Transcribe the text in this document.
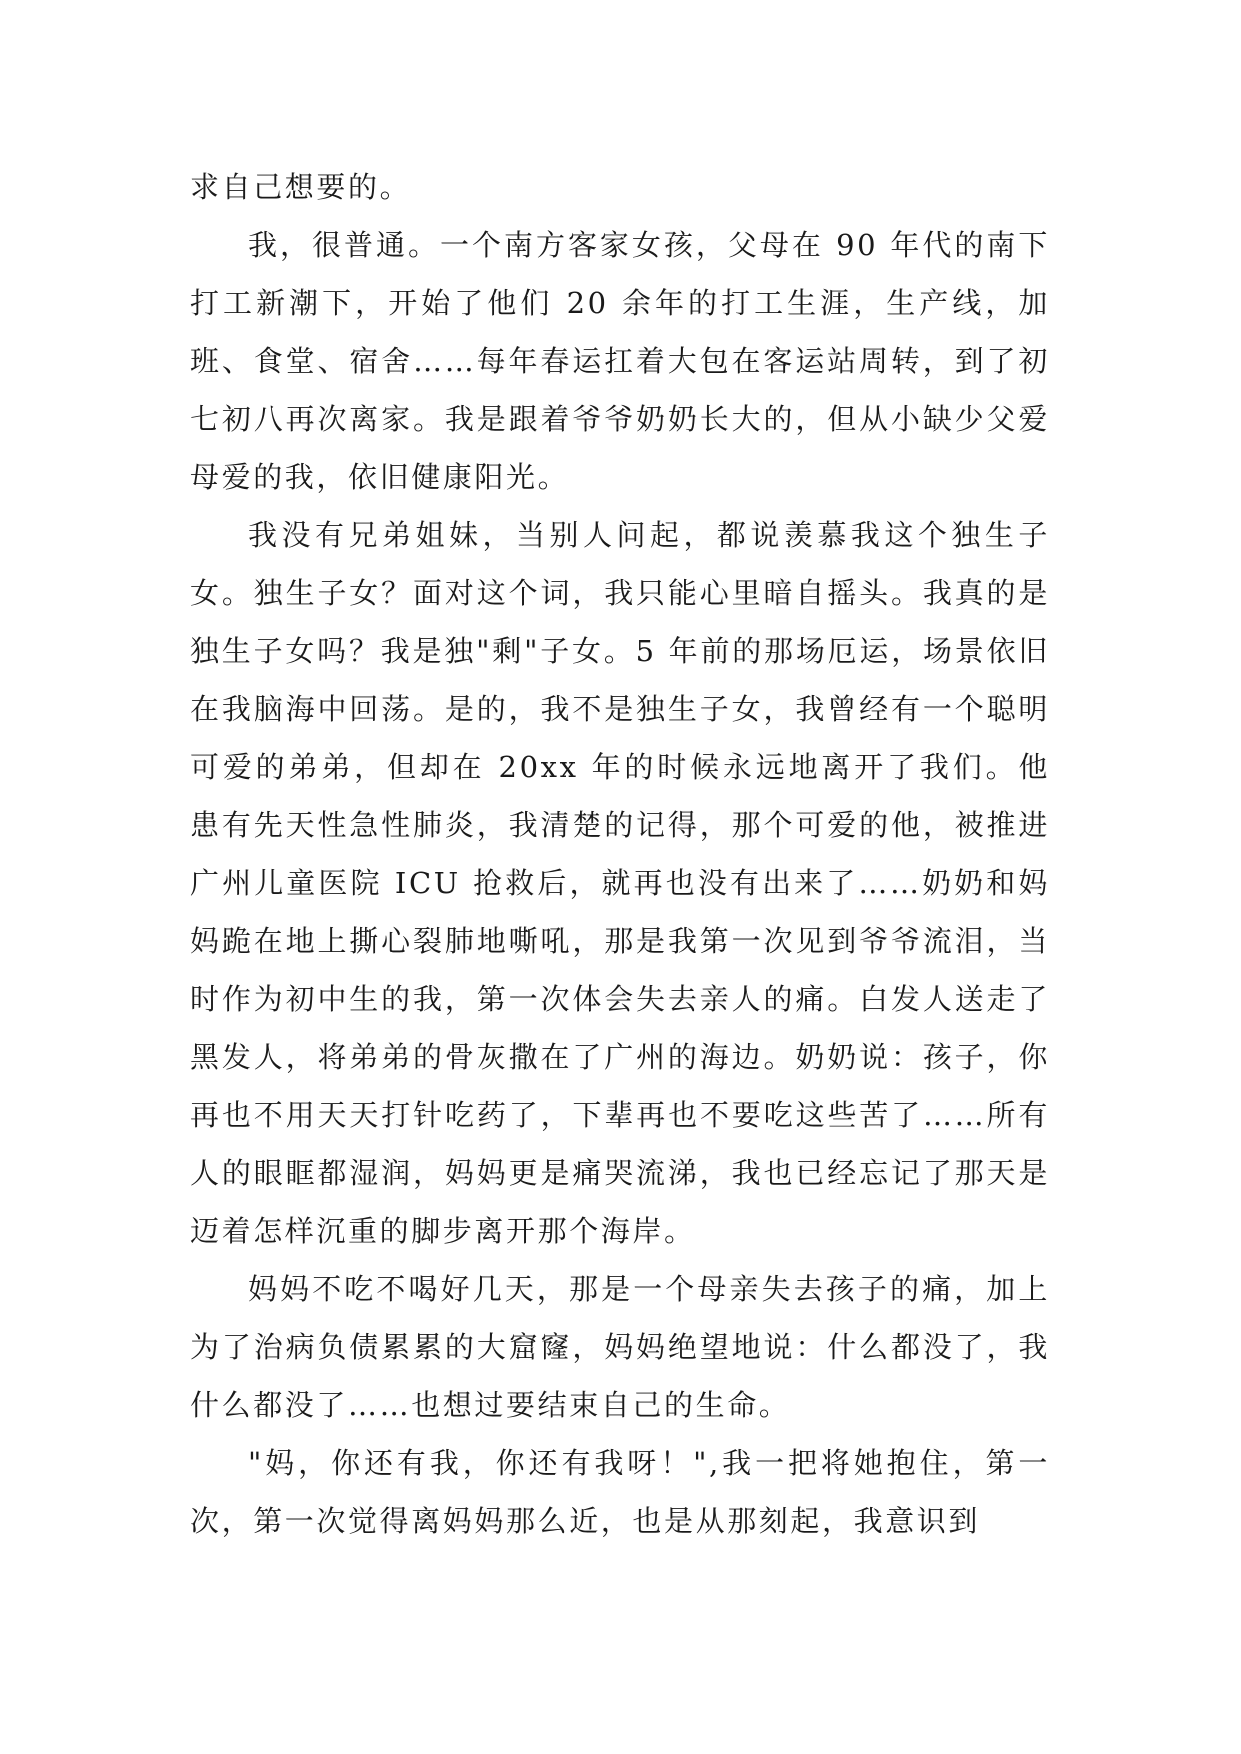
求自己想要的。

我，很普通。一个南方客家女孩，父母在 90 年代的南下打工新潮下，开始了他们 20 余年的打工生涯，生产线，加班、食堂、宿舍……每年春运扛着大包在客运站周转，到了初七初八再次离家。我是跟着爷爷奶奶长大的，但从小缺少父爱母爱的我，依旧健康阳光。

我没有兄弟姐妹，当别人问起，都说羡慕我这个独生子女。独生子女？面对这个词，我只能心里暗自摇头。我真的是独生子女吗？我是独"剩"子女。5 年前的那场厄运，场景依旧在我脑海中回荡。是的，我不是独生子女，我曾经有一个聪明可爱的弟弟，但却在 20xx 年的时候永远地离开了我们。他患有先天性急性肺炎，我清楚的记得，那个可爱的他，被推进广州儿童医院 ICU 抢救后，就再也没有出来了……奶奶和妈妈跪在地上撕心裂肺地嘶吼，那是我第一次见到爷爷流泪，当时作为初中生的我，第一次体会失去亲人的痛。白发人送走了黑发人，将弟弟的骨灰撒在了广州的海边。奶奶说：孩子，你再也不用天天打针吃药了，下辈再也不要吃这些苦了……所有人的眼眶都湿润，妈妈更是痛哭流涕，我也已经忘记了那天是迈着怎样沉重的脚步离开那个海岸。

妈妈不吃不喝好几天，那是一个母亲失去孩子的痛，加上为了治病负债累累的大窟窿，妈妈绝望地说：什么都没了，我什么都没了……也想过要结束自己的生命。

"妈，你还有我，你还有我呀！",我一把将她抱住，第一次，第一次觉得离妈妈那么近，也是从那刻起，我意识到
